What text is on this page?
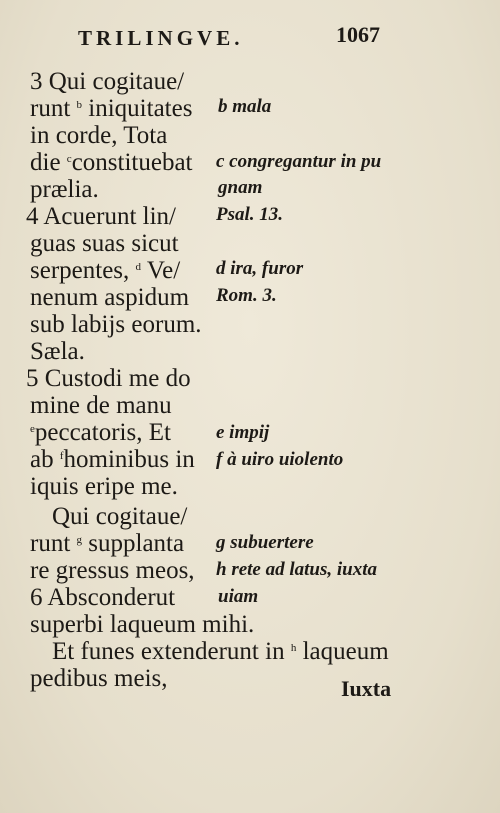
TRILINGVE.	1067
3 Qui cogitaue/
runt $^b$ iniquitates
in corde, Tota
die $^c$constituebat
prælia.
4 Acuerunt lin/
guas suas sicut
serpentes, $^d$ Ve/
nenum aspidum
sub labijs eorum.
Sæla.
5 Custodi me do
mine de manu
$^e$peccatoris, Et
ab $^f$hominibus in
iquis eripe me.
Qui cogitaue/
runt $^g$ supplanta
re gressus meos,
6 Absconderut
superbi laqueum mihi.
Et funes extenderunt in $^h$ laqueum
pedibus meis,
b mala
c congregantur in pu
gnam
Psal. 13.
d ira, furor
Rom. 3.
e impij
f à uiro uiolento
g subuertere
h rete ad latus, iuxta
uiam
Iuxta
